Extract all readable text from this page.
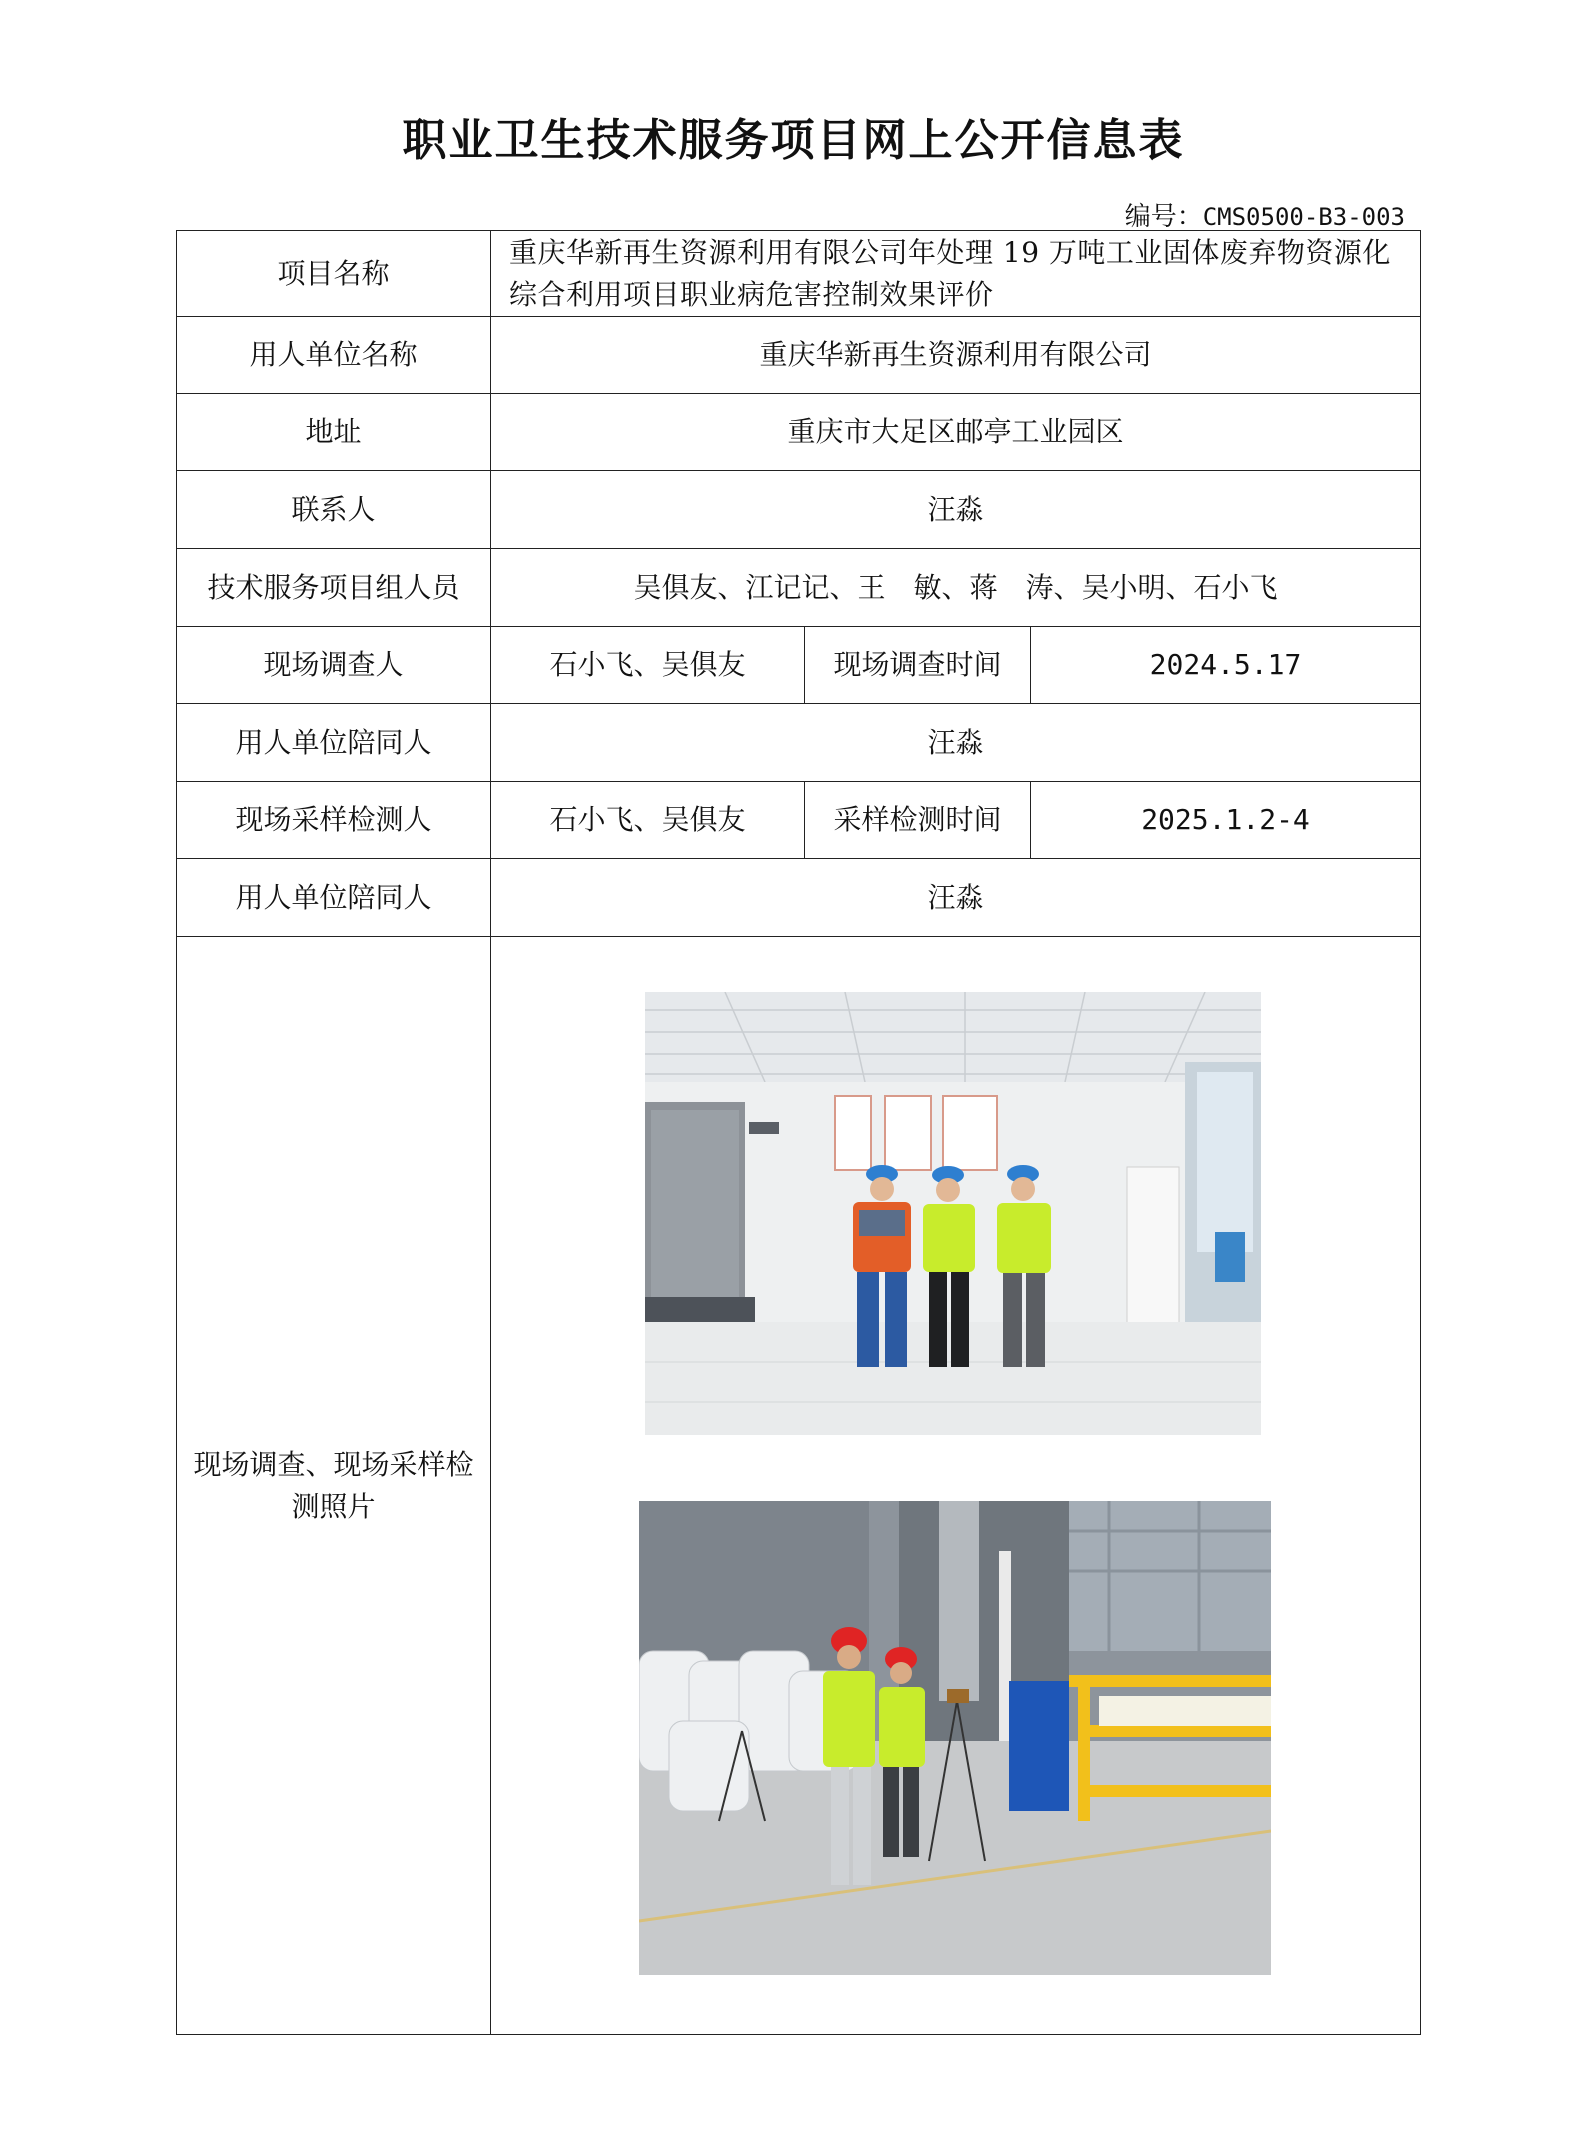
职业卫生技术服务项目网上公开信息表
编号：CMS0500-B3-003
项目名称	重庆华新再生资源利用有限公司年处理 19 万吨工业固体废弃物资源化综合利用项目职业病危害控制效果评价		
用人单位名称	重庆华新再生资源利用有限公司		
地址	重庆市大足区邮亭工业园区		
联系人	汪淼		
技术服务项目组人员	吴俱友、江记记、王　敏、蒋　涛、吴小明、石小飞		
现场调查人	石小飞、吴俱友	现场调查时间	2024.5.17
用人单位陪同人	汪淼		
现场采样检测人	石小飞、吴俱友	采样检测时间	2025.1.2-4
用人单位陪同人	汪淼		
现场调查、现场采样检测照片	
